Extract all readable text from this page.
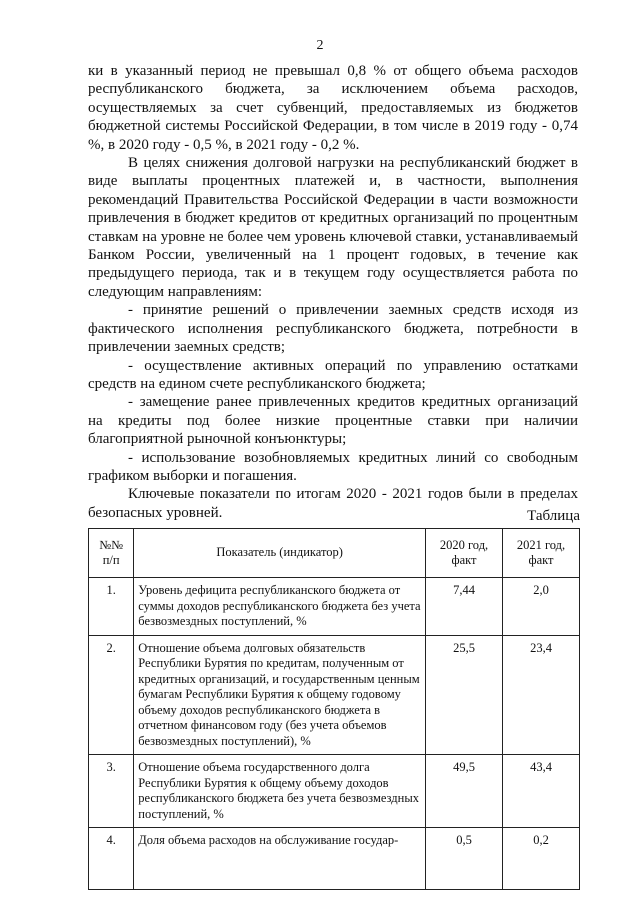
2

ки в указанный период не превышал 0,8 % от общего объема расходов республиканского бюджета, за исключением объема расходов, осуществляемых за счет субвенций, предоставляемых из бюджетов бюджетной системы Российской Федерации, в том числе в 2019 году - 0,74 %, в 2020 году - 0,5 %, в 2021 году - 0,2 %.

В целях снижения долговой нагрузки на республиканский бюджет в виде выплаты процентных платежей и, в частности, выполнения рекомендаций Правительства Российской Федерации в части возможности привлечения в бюджет кредитов от кредитных организаций по процентным ставкам на уровне не более чем уровень ключевой ставки, устанавливаемый Банком России, увеличенный на 1 процент годовых, в течение как предыдущего периода, так и в текущем году осуществляется работа по следующим направлениям:

- принятие решений о привлечении заемных средств исходя из фактического исполнения республиканского бюджета, потребности в привлечении заемных средств;

- осуществление активных операций по управлению остатками средств на едином счете республиканского бюджета;

- замещение ранее привлеченных кредитов кредитных организаций на кредиты под более низкие процентные ставки при наличии благоприятной рыночной конъюнктуры;

- использование возобновляемых кредитных линий со свободным графиком выборки и погашения.

Ключевые показатели по итогам 2020 - 2021 годов были в пределах безопасных уровней.	Таблица
№№ п/п	Показатель (индикатор)	2020 год, факт	2021 год, факт
1.	Уровень дефицита республиканского бюджета от суммы доходов республиканского бюджета без учета безвозмездных поступлений, %	7,44	2,0
2.	Отношение объема долговых обязательств Республики Бурятия по кредитам, полученным от кредитных организаций, и государственным ценным бумагам Республики Бурятия к общему годовому объему доходов республиканского бюджета в отчетном финансовом году (без учета объемов безвозмездных поступлений), %	25,5	23,4
3.	Отношение объема государственного долга Республики Бурятия к общему объему доходов республиканского бюджета без учета безвозмездных поступлений, %	49,5	43,4
4.	Доля объема расходов на обслуживание государ-	0,5	0,2
